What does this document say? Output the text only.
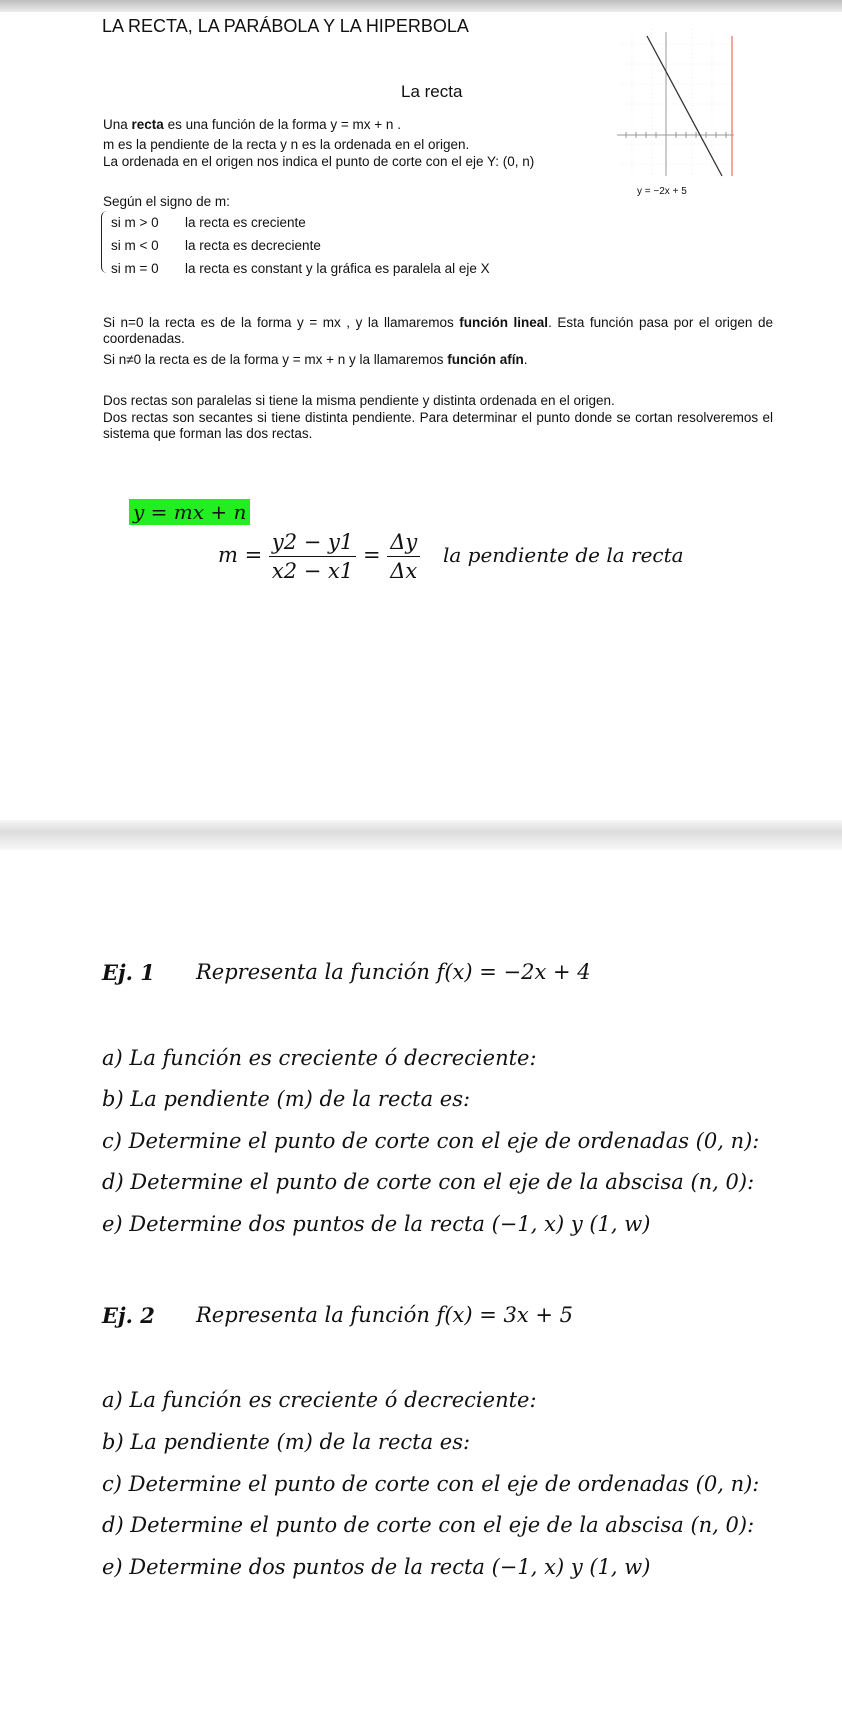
LA RECTA, LA PARÁBOLA Y LA HIPERBOLA
La recta
Una recta es una función de la forma y = mx + n .
m es la pendiente de la recta y n es la ordenada en el origen.
La ordenada en el origen nos indica el punto de corte con el eje Y: (0, n)
y = −2x + 5
Según el signo de m:
si m > 0 la recta es creciente
si m < 0 la recta es decreciente
si m = 0 la recta es constant y la gráfica es paralela al eje X
Si n=0 la recta es de la forma y = mx , y la llamaremos función lineal. Esta función pasa por el origen de coordenadas.
Si n≠0 la recta es de la forma y = mx + n y la llamaremos función afín.
Dos rectas son paralelas si tiene la misma pendiente y distinta ordenada en el origen.
Dos rectas son secantes si tiene distinta pendiente. Para determinar el punto donde se cortan resolveremos el sistema que forman las dos rectas.
y = mx + n
$m = \frac{y2 - y1}{x2 - x1} = \frac{\Delta y}{\Delta x}$ la pendiente de la recta
Ej. 1 Representa la función f(x) = −2x + 4
a) La función es creciente ó decreciente:
b) La pendiente (m) de la recta es:
c) Determine el punto de corte con el eje de ordenadas (0, n):
d) Determine el punto de corte con el eje de la abscisa (n, 0):
e) Determine dos puntos de la recta (−1, x) y (1, w)
Ej. 2 Representa la función f(x) = 3x + 5
a) La función es creciente ó decreciente:
b) La pendiente (m) de la recta es:
c) Determine el punto de corte con el eje de ordenadas (0, n):
d) Determine el punto de corte con el eje de la abscisa (n, 0):
e) Determine dos puntos de la recta (−1, x) y (1, w)
